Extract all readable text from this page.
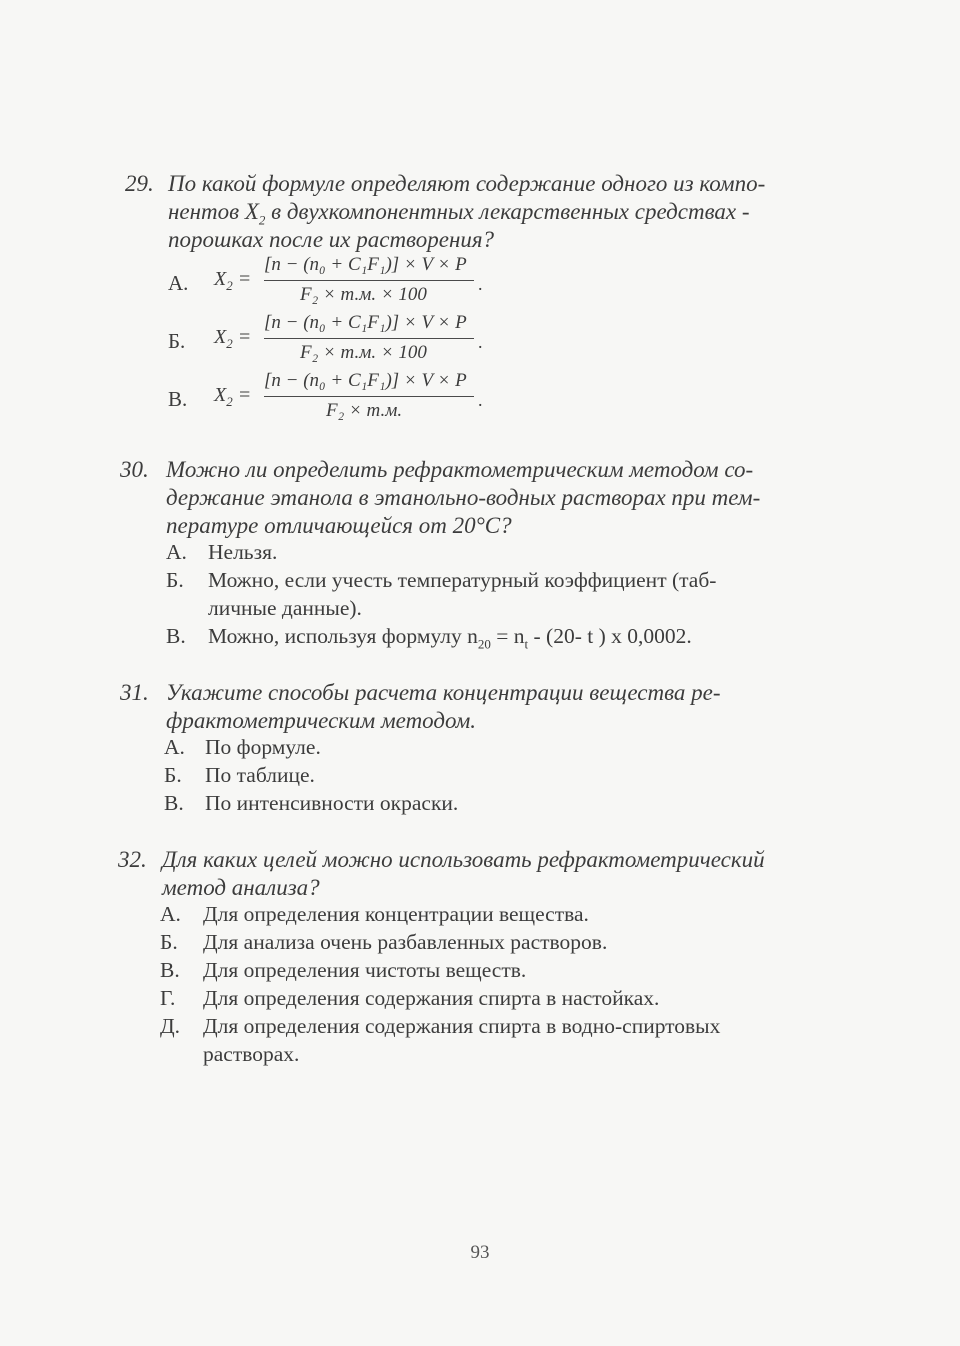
29. По какой формуле определяют содержание одного из компо-
нентов $X_2$ в двухкомпонентных лекарственных средствах -
порошках после их растворения?
А. $X_2$ =
[n − (n₀ + C₁F₁)] × V × P
F₂ × т.м. × 100	.
Б. $X_2$ =
[n − (n₀ + C₁F₁)] × V × P
F₂ × т.м. × 100	.
В. $X_2$ =
[n − (n₀ + C₁F₁)] × V × P
F₂ × т.м.	.
30. Можно ли определить рефрактометрическим методом со-
держание этанола в этанольно-водных растворах при тем-
пературе отличающейся от 20°С?
А. Нельзя.
Б. Можно, если учесть температурный коэффициент (таб-
личные данные).
В. Можно, используя формулу $n_{20} = n_t - (20-$ t ) x 0,0002.
31. Укажите способы расчета концентрации вещества ре-
фрактометрическим методом.
А. По формуле.
Б. По таблице.
В. По интенсивности окраски.
32. Для каких целей можно использовать рефрактометрический
метод анализа?
А. Для определения концентрации вещества.
Б. Для анализа очень разбавленных растворов.
В. Для определения чистоты веществ.
Г. Для определения содержания спирта в настойках.
Д. Для определения содержания спирта в водно-спиртовых
растворах.
93
